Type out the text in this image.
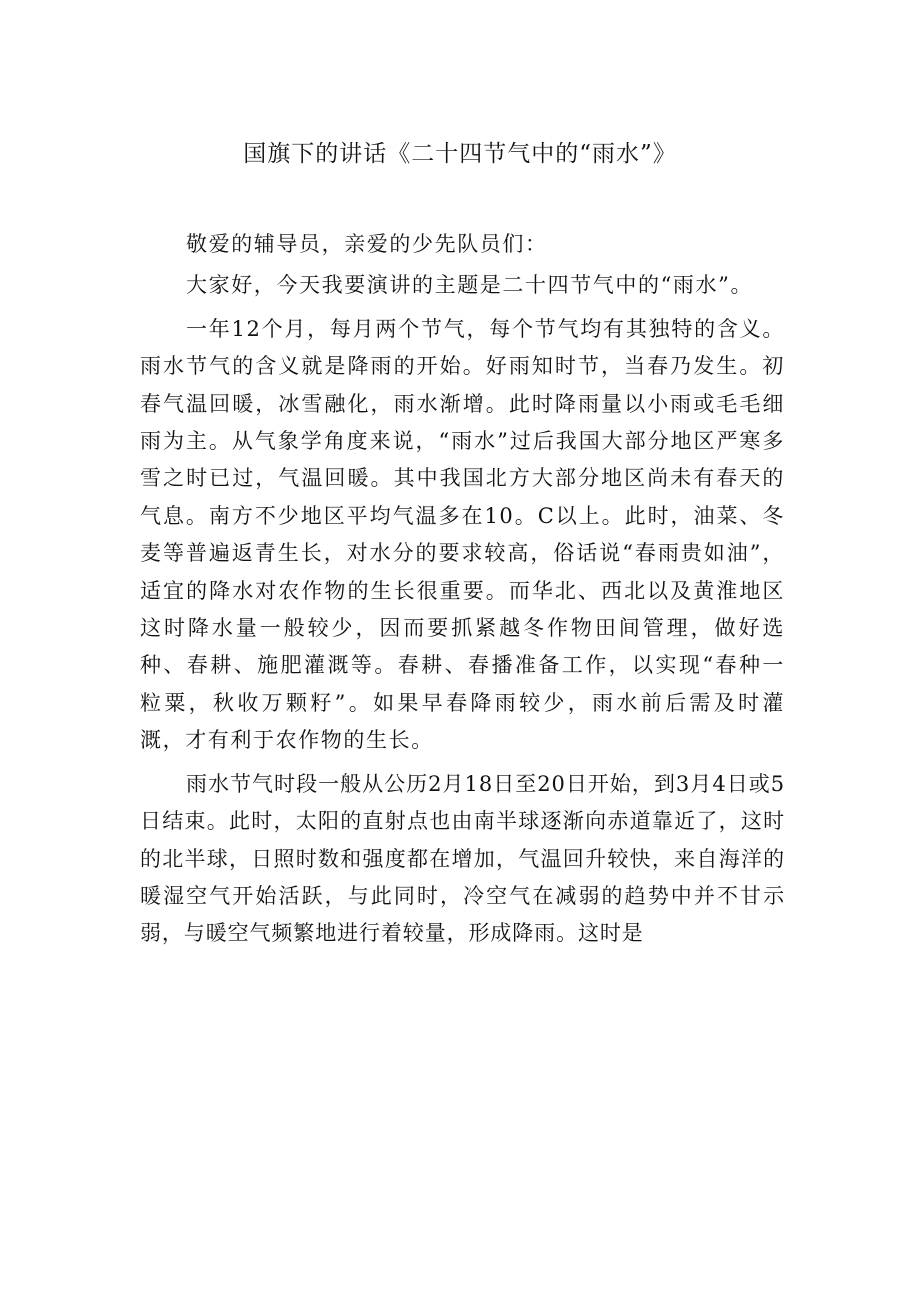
国旗下的讲话《二十四节气中的“雨水”》

敬爱的辅导员，亲爱的少先队员们：

大家好，今天我要演讲的主题是二十四节气中的“雨水”。

一年12个月，每月两个节气，每个节气均有其独特的含义。雨水节气的含义就是降雨的开始。好雨知时节，当春乃发生。初春气温回暖，冰雪融化，雨水渐增。此时降雨量以小雨或毛毛细雨为主。从气象学角度来说，“雨水”过后我国大部分地区严寒多雪之时已过，气温回暖。其中我国北方大部分地区尚未有春天的气息。南方不少地区平均气温多在10。C以上。此时，油菜、冬麦等普遍返青生长，对水分的要求较高，俗话说“春雨贵如油”，适宜的降水对农作物的生长很重要。而华北、西北以及黄淮地区这时降水量一般较少，因而要抓紧越冬作物田间管理，做好选种、春耕、施肥灌溉等。春耕、春播准备工作，以实现“春种一粒粟，秋收万颗籽”。如果早春降雨较少，雨水前后需及时灌溉，才有利于农作物的生长。

雨水节气时段一般从公历2月18日至20日开始，到3月4日或5日结束。此时，太阳的直射点也由南半球逐渐向赤道靠近了，这时的北半球，日照时数和强度都在增加，气温回升较快，来自海洋的暖湿空气开始活跃，与此同时，冷空气在减弱的趋势中并不甘示弱，与暖空气频繁地进行着较量，形成降雨。这时是
